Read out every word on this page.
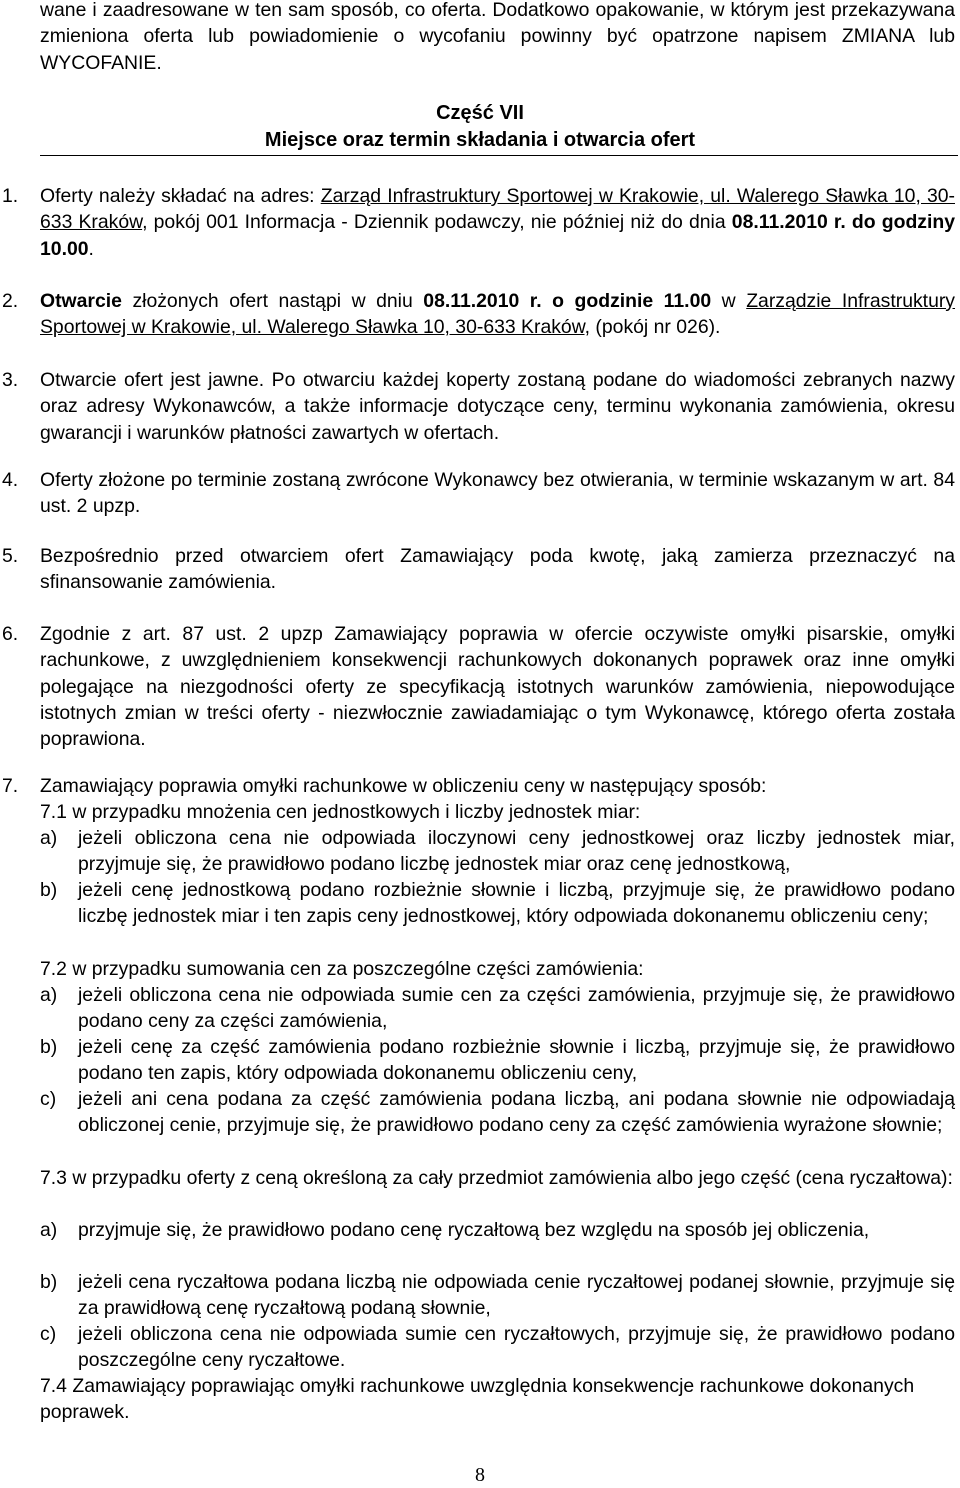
wane i zaadresowane w ten sam sposób, co oferta. Dodatkowo opakowanie, w którym jest przekazywana zmieniona oferta lub powiadomienie o wycofaniu powinny być opatrzone napisem ZMIANA lub WYCOFANIE.

Część VII

Miejsce oraz termin składania i otwarcia ofert

1.	Oferty należy składać na adres: Zarząd Infrastruktury Sportowej w Krakowie, ul. Walerego Sławka 10, 30-633 Kraków, pokój 001 Informacja - Dziennik podawczy, nie później niż do dnia 08.11.2010 r. do godziny 10.00.
2.	Otwarcie złożonych ofert nastąpi w dniu 08.11.2010 r. o godzinie 11.00 w Zarządzie Infrastruktury Sportowej w Krakowie, ul. Walerego Sławka 10, 30-633 Kraków, (pokój nr 026).
3.	Otwarcie ofert jest jawne. Po otwarciu każdej koperty zostaną podane do wiadomości zebranych nazwy oraz adresy Wykonawców, a także informacje dotyczące ceny, terminu wykonania zamówienia, okresu gwarancji i warunków płatności zawartych w ofertach.
4.	Oferty złożone po terminie zostaną zwrócone Wykonawcy bez otwierania, w terminie wskazanym w art. 84 ust. 2 upzp.
5.	Bezpośrednio przed otwarciem ofert Zamawiający poda kwotę, jaką zamierza przeznaczyć na sfinansowanie zamówienia.
6.	Zgodnie z art. 87 ust. 2 upzp Zamawiający poprawia w ofercie oczywiste omyłki pisarskie, omyłki rachunkowe, z uwzględnieniem konsekwencji rachunkowych dokonanych poprawek oraz inne omyłki polegające na niezgodności oferty ze specyfikacją istotnych warunków zamówienia, niepowodujące istotnych zmian w treści oferty - niezwłocznie zawiadamiając o tym Wykonawcę, którego oferta została poprawiona.
7.	Zamawiający poprawia omyłki rachunkowe w obliczeniu ceny w następujący sposób:
7.1 w przypadku mnożenia cen jednostkowych i liczby jednostek miar:
a) jeżeli obliczona cena nie odpowiada iloczynowi ceny jednostkowej oraz liczby jednostek miar, przyjmuje się, że prawidłowo podano liczbę jednostek miar oraz cenę jednostkową,
b) jeżeli cenę jednostkową podano rozbieżnie słownie i liczbą, przyjmuje się, że prawidłowo podano liczbę jednostek miar i ten zapis ceny jednostkowej, który odpowiada dokonanemu obliczeniu ceny;
7.2 w przypadku sumowania cen za poszczególne części zamówienia:
a) jeżeli obliczona cena nie odpowiada sumie cen za części zamówienia, przyjmuje się, że prawidłowo podano ceny za części zamówienia,
b) jeżeli cenę za część zamówienia podano rozbieżnie słownie i liczbą, przyjmuje się, że prawidłowo podano ten zapis, który odpowiada dokonanemu obliczeniu ceny,
c) jeżeli ani cena podana za część zamówienia podana liczbą, ani podana słownie nie odpowiadają obliczonej cenie, przyjmuje się, że prawidłowo podano ceny za część zamówienia wyrażone słownie;
7.3 w przypadku oferty z ceną określoną za cały przedmiot zamówienia albo jego część (cena ryczałtowa):
a) przyjmuje się, że prawidłowo podano cenę ryczałtową bez względu na sposób jej obliczenia,
b) jeżeli cena ryczałtowa podana liczbą nie odpowiada cenie ryczałtowej podanej słownie, przyjmuje się za prawidłową cenę ryczałtową podaną słownie,
c) jeżeli obliczona cena nie odpowiada sumie cen ryczałtowych, przyjmuje się, że prawidłowo podano poszczególne ceny ryczałtowe.
7.4 Zamawiający poprawiając omyłki rachunkowe uwzględnia konsekwencje rachunkowe dokonanych poprawek.
8
